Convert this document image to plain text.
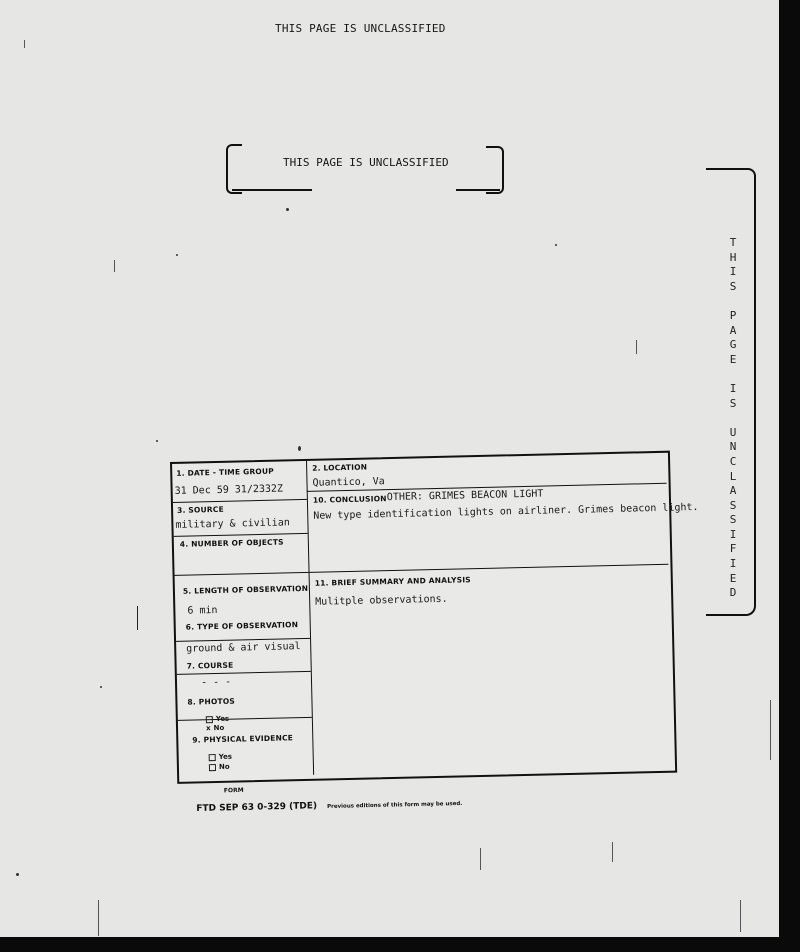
THIS PAGE IS UNCLASSIFIED
THIS PAGE IS UNCLASSIFIED
T
H
I
S
P
A
G
E
I
S
U
N
C
L
A
S
S
I
F
I
E
D
1. DATE - TIME GROUP
31 Dec 59 31/2332Z
2. LOCATION
Quantico, Va
3. SOURCE
military & civilian
4. NUMBER OF OBJECTS
10. CONCLUSION OTHER: GRIMES BEACON LIGHT
New type identification lights on airliner. Grimes beacon light.
5. LENGTH OF OBSERVATION
6 min
6. TYPE OF OBSERVATION
ground & air visual
7. COURSE
- - -
8. PHOTOS
Yes
x No
9. PHYSICAL EVIDENCE
Yes
No
11. BRIEF SUMMARY AND ANALYSIS
Mulitple observations.
FORM
FTD SEP 63 0-329 (TDE) Previous editions of this form may be used.
